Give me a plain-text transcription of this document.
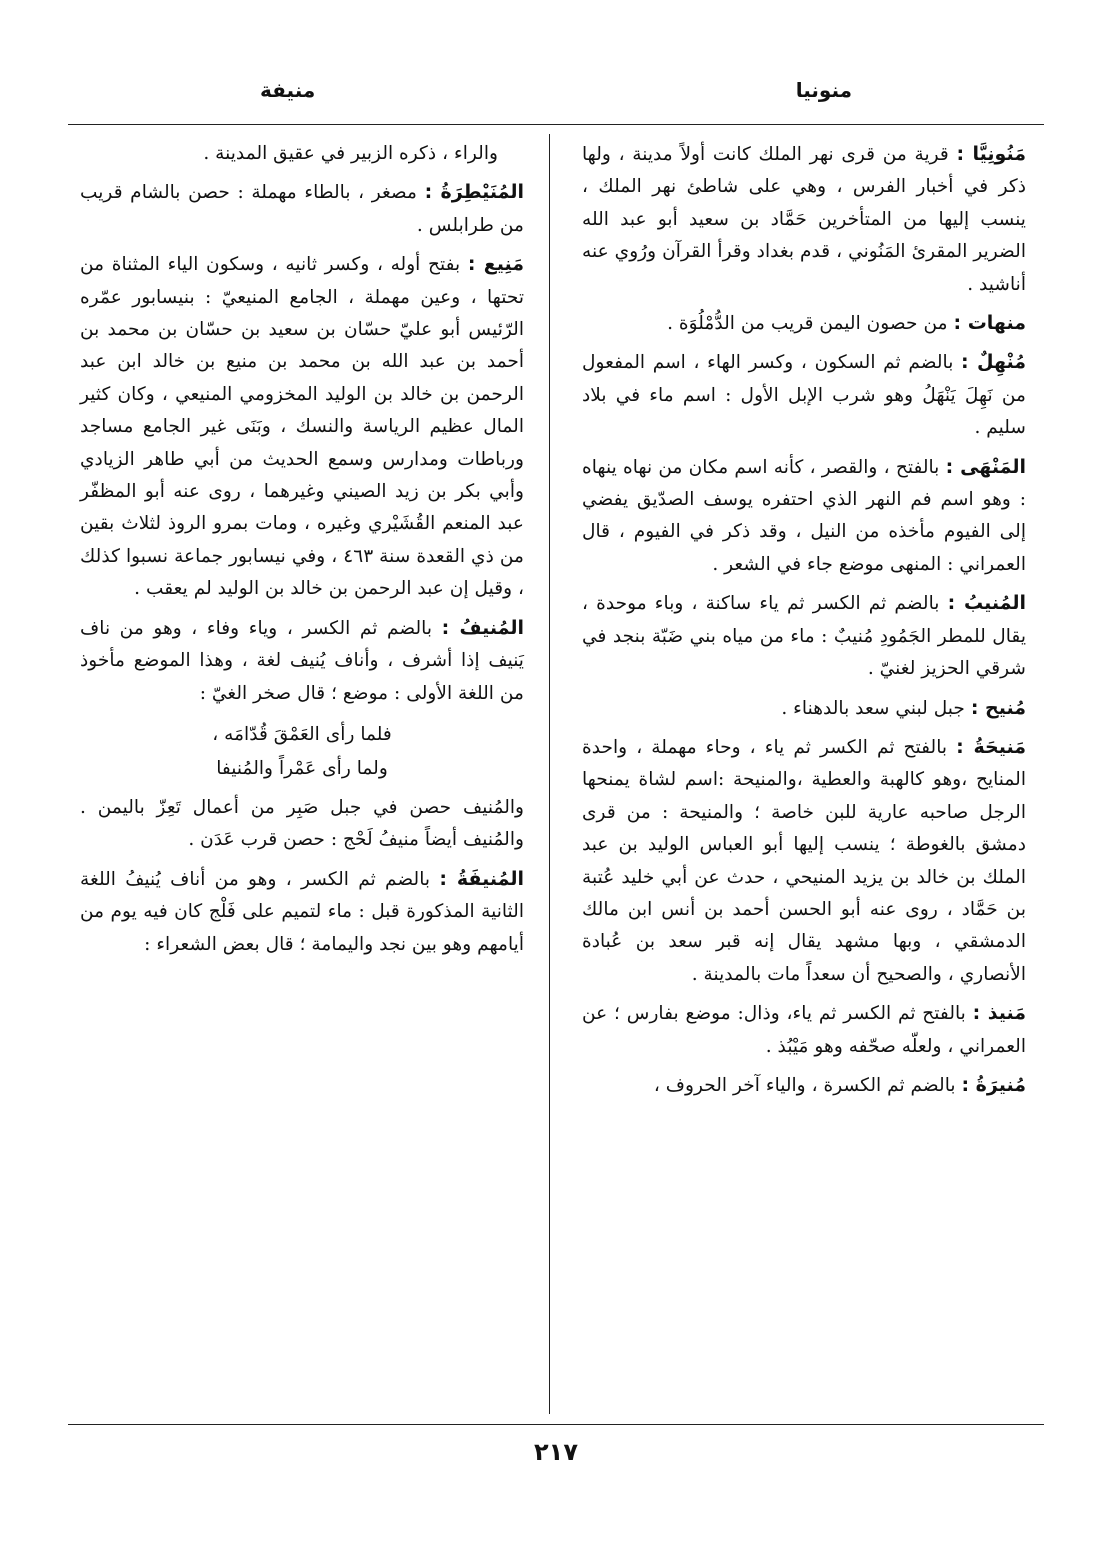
منونيا
منيفة

مَنُونِيَّا : قرية من قرى نهر الملك كانت أولاً مدينة ، ولها ذكر في أخبار الفرس ، وهي على شاطئ نهر الملك ، ينسب إليها من المتأخرين حَمَّاد بن سعيد أبو عبد الله الضرير المقرئ المَنُوني ، قدم بغداد وقرأ القرآن ورُوي عنه أناشيد .

منهات : من حصون اليمن قريب من الدُّمْلُوَة .

مُنْهِلٌ : بالضم ثم السكون ، وكسر الهاء ، اسم المفعول من نَهِلَ يَنْهَلُ وهو شرب الإبل الأول : اسم ماء في بلاد سليم .

المَنْهَى : بالفتح ، والقصر ، كأنه اسم مكان من نهاه ينهاه : وهو اسم فم النهر الذي احتفره يوسف الصدّيق يفضي إلى الفيوم مأخذه من النيل ، وقد ذكر في الفيوم ، قال العمراني : المنهى موضع جاء في الشعر .

المُنيبُ : بالضم ثم الكسر ثم ياء ساكنة ، وباء موحدة ، يقال للمطر الجَمُودِ مُنيبٌ : ماء من مياه بني ضَبّة بنجد في شرقي الحزيز لغنيّ .

مُنيح : جبل لبني سعد بالدهناء .

مَنيحَةُ : بالفتح ثم الكسر ثم ياء ، وحاء مهملة ، واحدة المنايح ،وهو كالهبة والعطية ،والمنيحة :اسم لشاة يمنحها الرجل صاحبه عارية للبن خاصة ؛ والمنيحة : من قرى دمشق بالغوطة ؛ ينسب إليها أبو العباس الوليد بن عبد الملك بن خالد بن يزيد المنيحي ، حدث عن أبي خليد عُتبة بن حَمَّاد ، روى عنه أبو الحسن أحمد بن أنس ابن مالك الدمشقي ، وبها مشهد يقال إنه قبر سعد بن عُبادة الأنصاري ، والصحيح أن سعداً مات بالمدينة .

مَنيذ : بالفتح ثم الكسر ثم ياء، وذال: موضع بفارس ؛ عن العمراني ، ولعلّه صحّفه وهو مَيْبُذ .

مُنيرَةُ : بالضم ثم الكسرة ، والياء آخر الحروف ،

والراء ، ذكره الزبير في عقيق المدينة .

المُنَيْطِرَةُ : مصغر ، بالطاء مهملة : حصن بالشام قريب من طرابلس .

مَنِيع : بفتح أوله ، وكسر ثانيه ، وسكون الياء المثناة من تحتها ، وعين مهملة ، الجامع المنيعيّ : بنيسابور عمّره الرّئيس أبو عليّ حسّان بن سعيد بن حسّان بن محمد بن أحمد بن عبد الله بن محمد بن منيع بن خالد ابن عبد الرحمن بن خالد بن الوليد المخزومي المنيعي ، وكان كثير المال عظيم الرياسة والنسك ، وبَنَى غير الجامع مساجد ورباطات ومدارس وسمع الحديث من أبي طاهر الزيادي وأبي بكر بن زيد الصيني وغيرهما ، روى عنه أبو المظفّر عبد المنعم القُشَيْري وغيره ، ومات بمرو الروذ لثلاث بقين من ذي القعدة سنة ٤٦٣ ، وفي نيسابور جماعة نسبوا كذلك ، وقيل إن عبد الرحمن بن خالد بن الوليد لم يعقب .

المُنيفُ : بالضم ثم الكسر ، وياء وفاء ، وهو من ناف يَنيف إذا أشرف ، وأناف يُنيف لغة ، وهذا الموضع مأخوذ من اللغة الأولى : موضع ؛ قال صخر الغيّ :

فلما رأى العَمْقَ قُدّامَه ،
ولما رأى عَمْراً والمُنيفا

والمُنيف حصن في جبل صَبِر من أعمال تَعِزّ باليمن . والمُنيف أيضاً منيفُ لَحْج : حصن قرب عَدَن .

المُنيفَةُ : بالضم ثم الكسر ، وهو من أناف يُنيفُ اللغة الثانية المذكورة قبل : ماء لتميم على فَلْج كان فيه يوم من أيامهم وهو بين نجد واليمامة ؛ قال بعض الشعراء :

٢١٧
